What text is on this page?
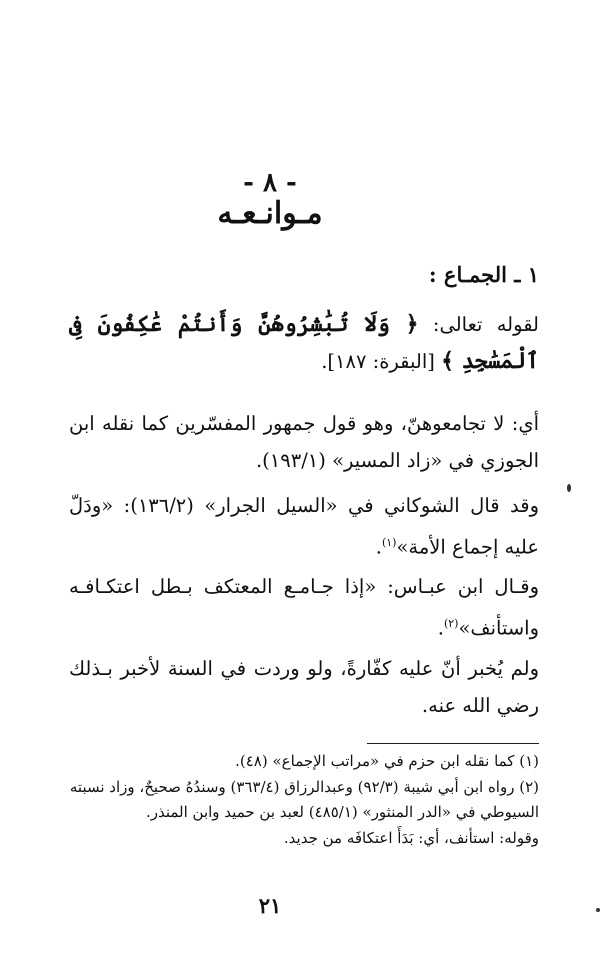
- ٨ -
مـوانـعـه
١ ـ الجمـاع :
لقوله تعالى: ﴿ وَلَا تُبَٰشِرُوهُنَّ وَأَنتُمْ عَٰكِفُونَ فِى ٱلْمَسَٰجِدِ ﴾ [البقرة: ١٨٧].
أي: لا تجامعوهنّ، وهو قول جمهور المفسّرين كما نقله ابن الجوزي في «زاد المسير» (١٩٣/١).
وقد قال الشوكاني في «السيل الجرار» (١٣٦/٢): «ودَلّ عليه إجماع الأمة»$^{(١)}$.
وقـال ابن عبـاس: «إذا جـامـع المعتكف بـطل اعتكـافـه واستأنف»$^{(٢)}$.
ولم يُخبر أنّ عليه كفّارةً، ولو وردت في السنة لأخبر بـذلك رضي الله عنه.
(١) كما نقله ابن حزم في «مراتب الإجماع» (٤٨).
(٢) رواه ابن أبي شيبة (٩٢/٣) وعبدالرزاق (٣٦٣/٤) وسندُهُ صحيحٌ، وزاد نسبته السيوطي في «الدر المنثور» (٤٨٥/١) لعبد بن حميد وابن المنذر.
وقوله: استأنف، أي: بَدَأَ اعتكافَه من جديد.
٢١
